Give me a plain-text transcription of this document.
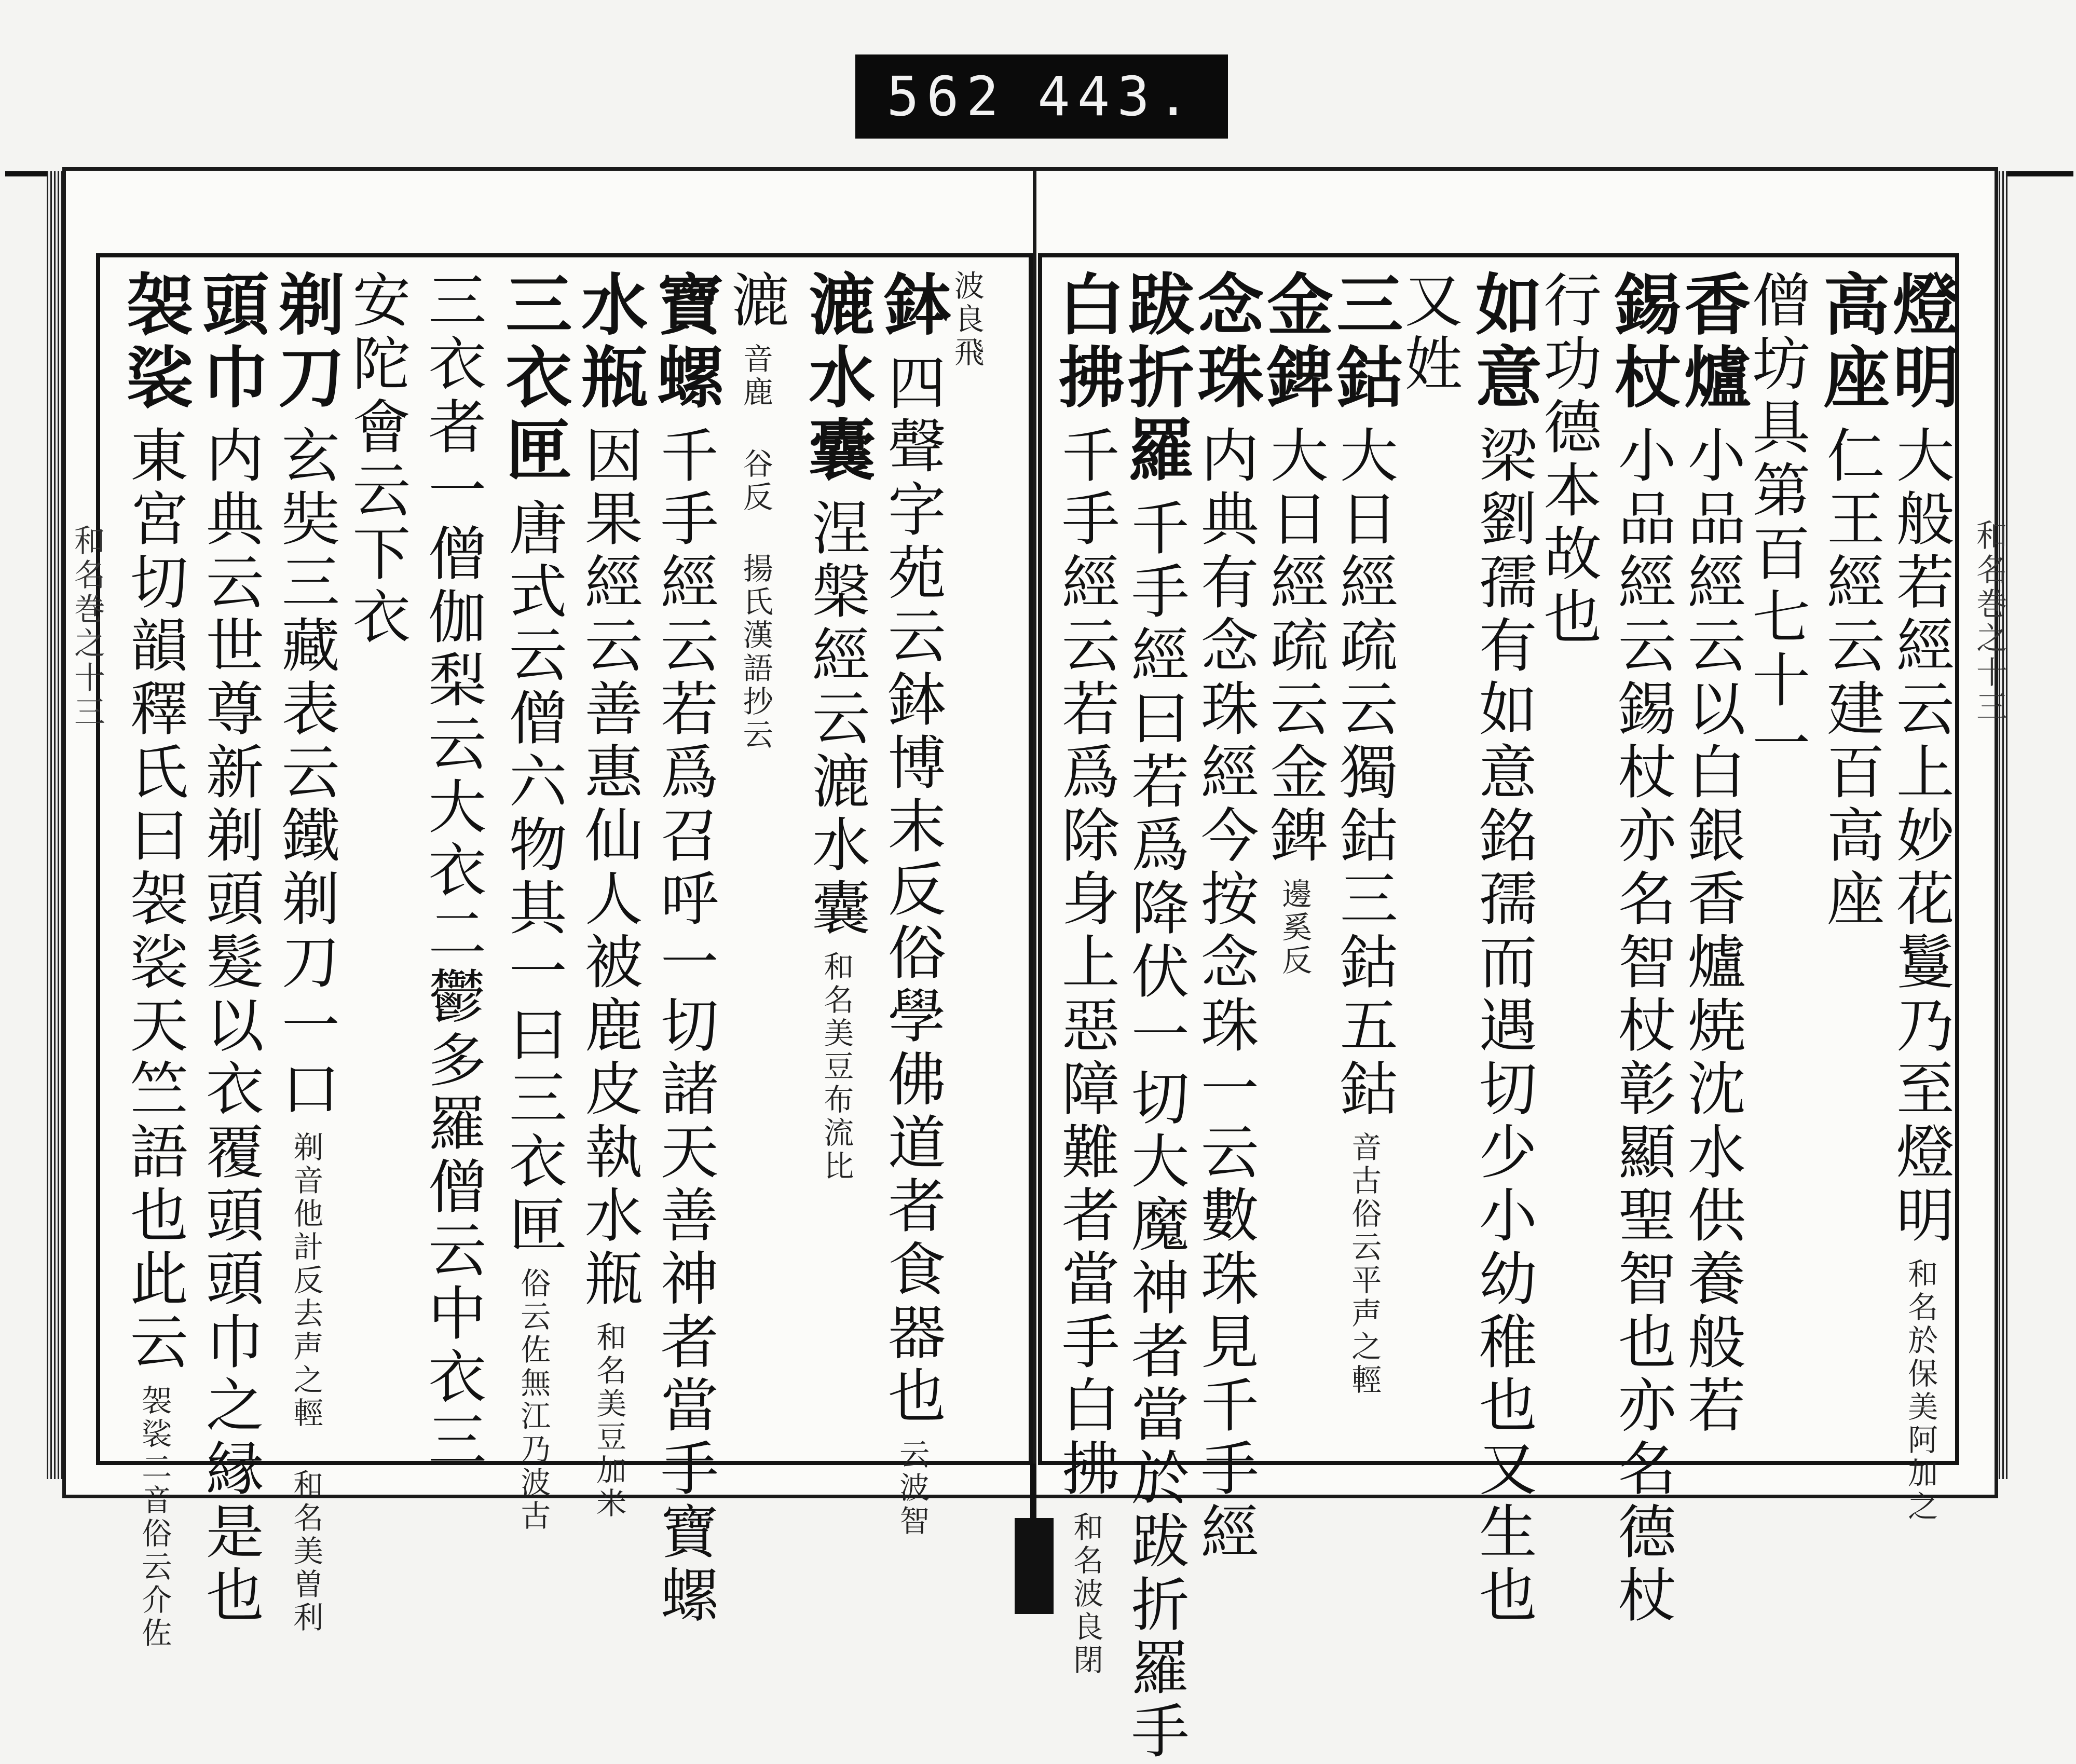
562 443.
和名巻之十三
和名巻之十三
燈明 大般若經云上妙花鬘乃至燈明 和名於保美阿加之
高座 仁王經云建百高座
僧坊具第百七十一
香爐 小品經云以白銀香爐焼沈水供養般若
錫杖 小品經云錫杖亦名智杖彰顯聖智也亦名德杖
行功德本故也
如意 梁劉孺有如意銘孺而遇切少小幼稚也又生也
又姓
三鈷 大日經疏云獨鈷三鈷五鈷 音古俗云平声之輕
金錍 大日經疏云金錍 邊奚反
念珠 内典有念珠經今按念珠一云數珠見千手經
跋折羅 千手經曰若爲降伏一切大魔神者當於跋折羅手
白拂 千手經云若爲除身上惡障難者當手白拂 和名波良閉
波良飛
鉢 四聲字苑云鉢博末反俗學佛道者食器也 云波智
漉水囊 涅槃經云漉水囊 和名美豆布流比
漉 音鹿 谷反 揚氏漢語抄云
寶螺 千手經云若爲召呼一切諸天善神者當手寶螺
水瓶 因果經云善惠仙人被鹿皮執水瓶 和名美豆加米
三衣匣 唐式云僧六物其一曰三衣匣 俗云佐無江乃波古
三衣者一僧伽梨云大衣二鬱多羅僧云中衣三
安陀會云下衣
剃刀 玄奘三藏表云鐵剃刀一口 剃音他計反去声之輕 和名美曽利
頭巾 内典云世尊新剃頭髮以衣覆頭頭巾之縁是也
袈裟 東宮切韻釋氏曰袈裟天竺語也此云 袈裟二音俗云介佐
